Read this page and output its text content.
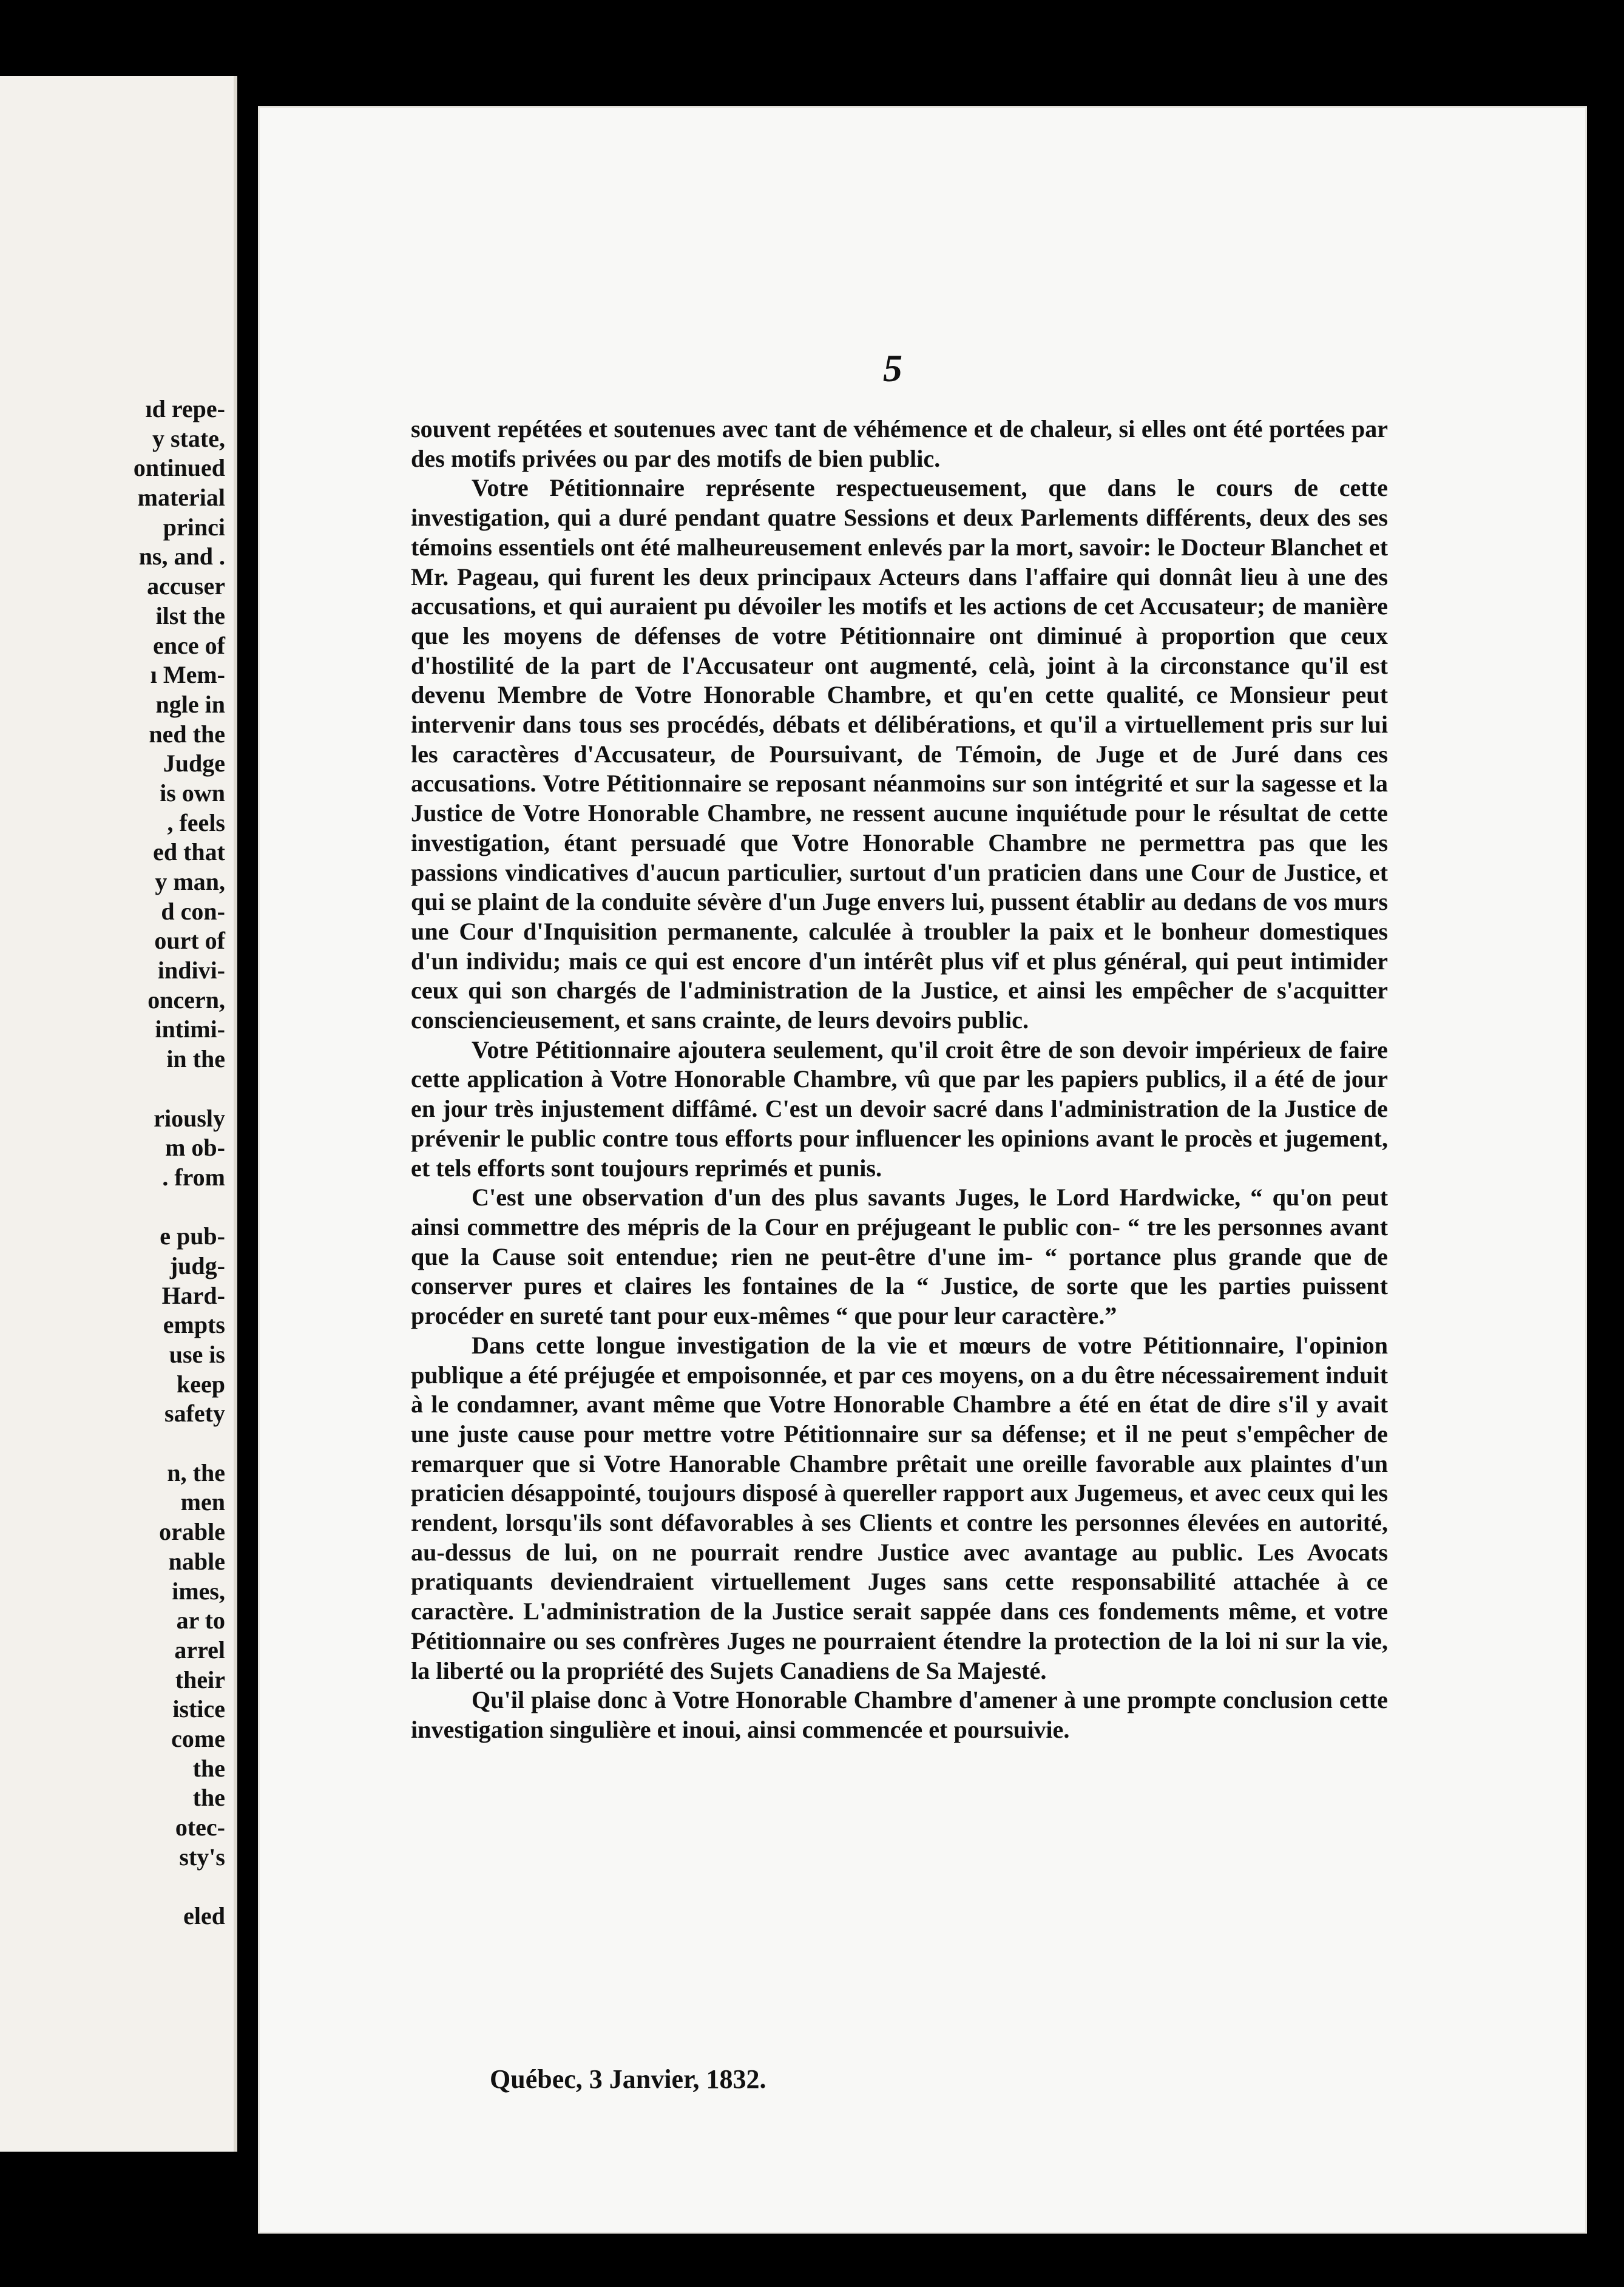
ıd repe-
y state,
ontinued
material
princi
ns, and .
accuser
ilst the
ence of
ı Mem-
ngle in
ned the
Judge
is own
, feels
ed that
y man,
d con-
ourt of
indivi-
oncern,
intimi-
in the
riously
m ob-
. from
e pub-
judg-
Hard-
empts
use is
keep
safety
n, the
men
orable
nable
imes,
ar to
arrel
their
istice
come
the
the
otec-
sty's
eled
5

souvent repétées et soutenues avec tant de véhémence et de chaleur, si elles ont été portées par des motifs privées ou par des motifs de bien public.

Votre Pétitionnaire représente respectueusement, que dans le cours de cette investigation, qui a duré pendant quatre Sessions et deux Parlements différents, deux des ses témoins essentiels ont été malheureusement enlevés par la mort, savoir: le Docteur Blanchet et Mr. Pageau, qui furent les deux principaux Acteurs dans l'affaire qui donnât lieu à une des accusations, et qui auraient pu dévoiler les motifs et les actions de cet Accusateur; de manière que les moyens de défenses de votre Pétitionnaire ont diminué à proportion que ceux d'hostilité de la part de l'Accusateur ont augmenté, celà, joint à la circonstance qu'il est devenu Membre de Votre Honorable Chambre, et qu'en cette qualité, ce Monsieur peut intervenir dans tous ses procédés, débats et délibérations, et qu'il a virtuellement pris sur lui les caractères d'Accusateur, de Poursuivant, de Témoin, de Juge et de Juré dans ces accusations. Votre Pétitionnaire se reposant néanmoins sur son intégrité et sur la sagesse et la Justice de Votre Honorable Chambre, ne ressent aucune inquiétude pour le résultat de cette investigation, étant persuadé que Votre Honorable Chambre ne permettra pas que les passions vindicatives d'aucun particulier, surtout d'un praticien dans une Cour de Justice, et qui se plaint de la conduite sévère d'un Juge envers lui, pussent établir au dedans de vos murs une Cour d'Inquisition permanente, calculée à troubler la paix et le bonheur domestiques d'un individu; mais ce qui est encore d'un intérêt plus vif et plus général, qui peut intimider ceux qui son chargés de l'administration de la Justice, et ainsi les empêcher de s'acquitter consciencieusement, et sans crainte, de leurs devoirs public.

Votre Pétitionnaire ajoutera seulement, qu'il croit être de son devoir impérieux de faire cette application à Votre Honorable Chambre, vû que par les papiers publics, il a été de jour en jour très injustement diffâmé. C'est un devoir sacré dans l'administration de la Justice de prévenir le public contre tous efforts pour influencer les opinions avant le procès et jugement, et tels efforts sont toujours reprimés et punis.

C'est une observation d'un des plus savants Juges, le Lord Hardwicke, “ qu'on peut ainsi commettre des mépris de la Cour en préjugeant le public con- “ tre les personnes avant que la Cause soit entendue; rien ne peut-être d'une im- “ portance plus grande que de conserver pures et claires les fontaines de la “ Justice, de sorte que les parties puissent procéder en sureté tant pour eux-mêmes “ que pour leur caractère.”

Dans cette longue investigation de la vie et mœurs de votre Pétitionnaire, l'opinion publique a été préjugée et empoisonnée, et par ces moyens, on a du être nécessairement induit à le condamner, avant même que Votre Honorable Chambre a été en état de dire s'il y avait une juste cause pour mettre votre Pétitionnaire sur sa défense; et il ne peut s'empêcher de remarquer que si Votre Hanorable Chambre prêtait une oreille favorable aux plaintes d'un praticien désappointé, toujours disposé à quereller rapport aux Jugemeus, et avec ceux qui les rendent, lorsqu'ils sont défavorables à ses Clients et contre les personnes élevées en autorité, au-dessus de lui, on ne pourrait rendre Justice avec avantage au public. Les Avocats pratiquants deviendraient virtuellement Juges sans cette responsabilité attachée à ce caractère. L'administration de la Justice serait sappée dans ces fondements même, et votre Pétitionnaire ou ses confrères Juges ne pourraient étendre la protection de la loi ni sur la vie, la liberté ou la propriété des Sujets Canadiens de Sa Majesté.

Qu'il plaise donc à Votre Honorable Chambre d'amener à une prompte conclusion cette investigation singulière et inoui, ainsi commencée et poursuivie.

Québec, 3 Janvier, 1832.
